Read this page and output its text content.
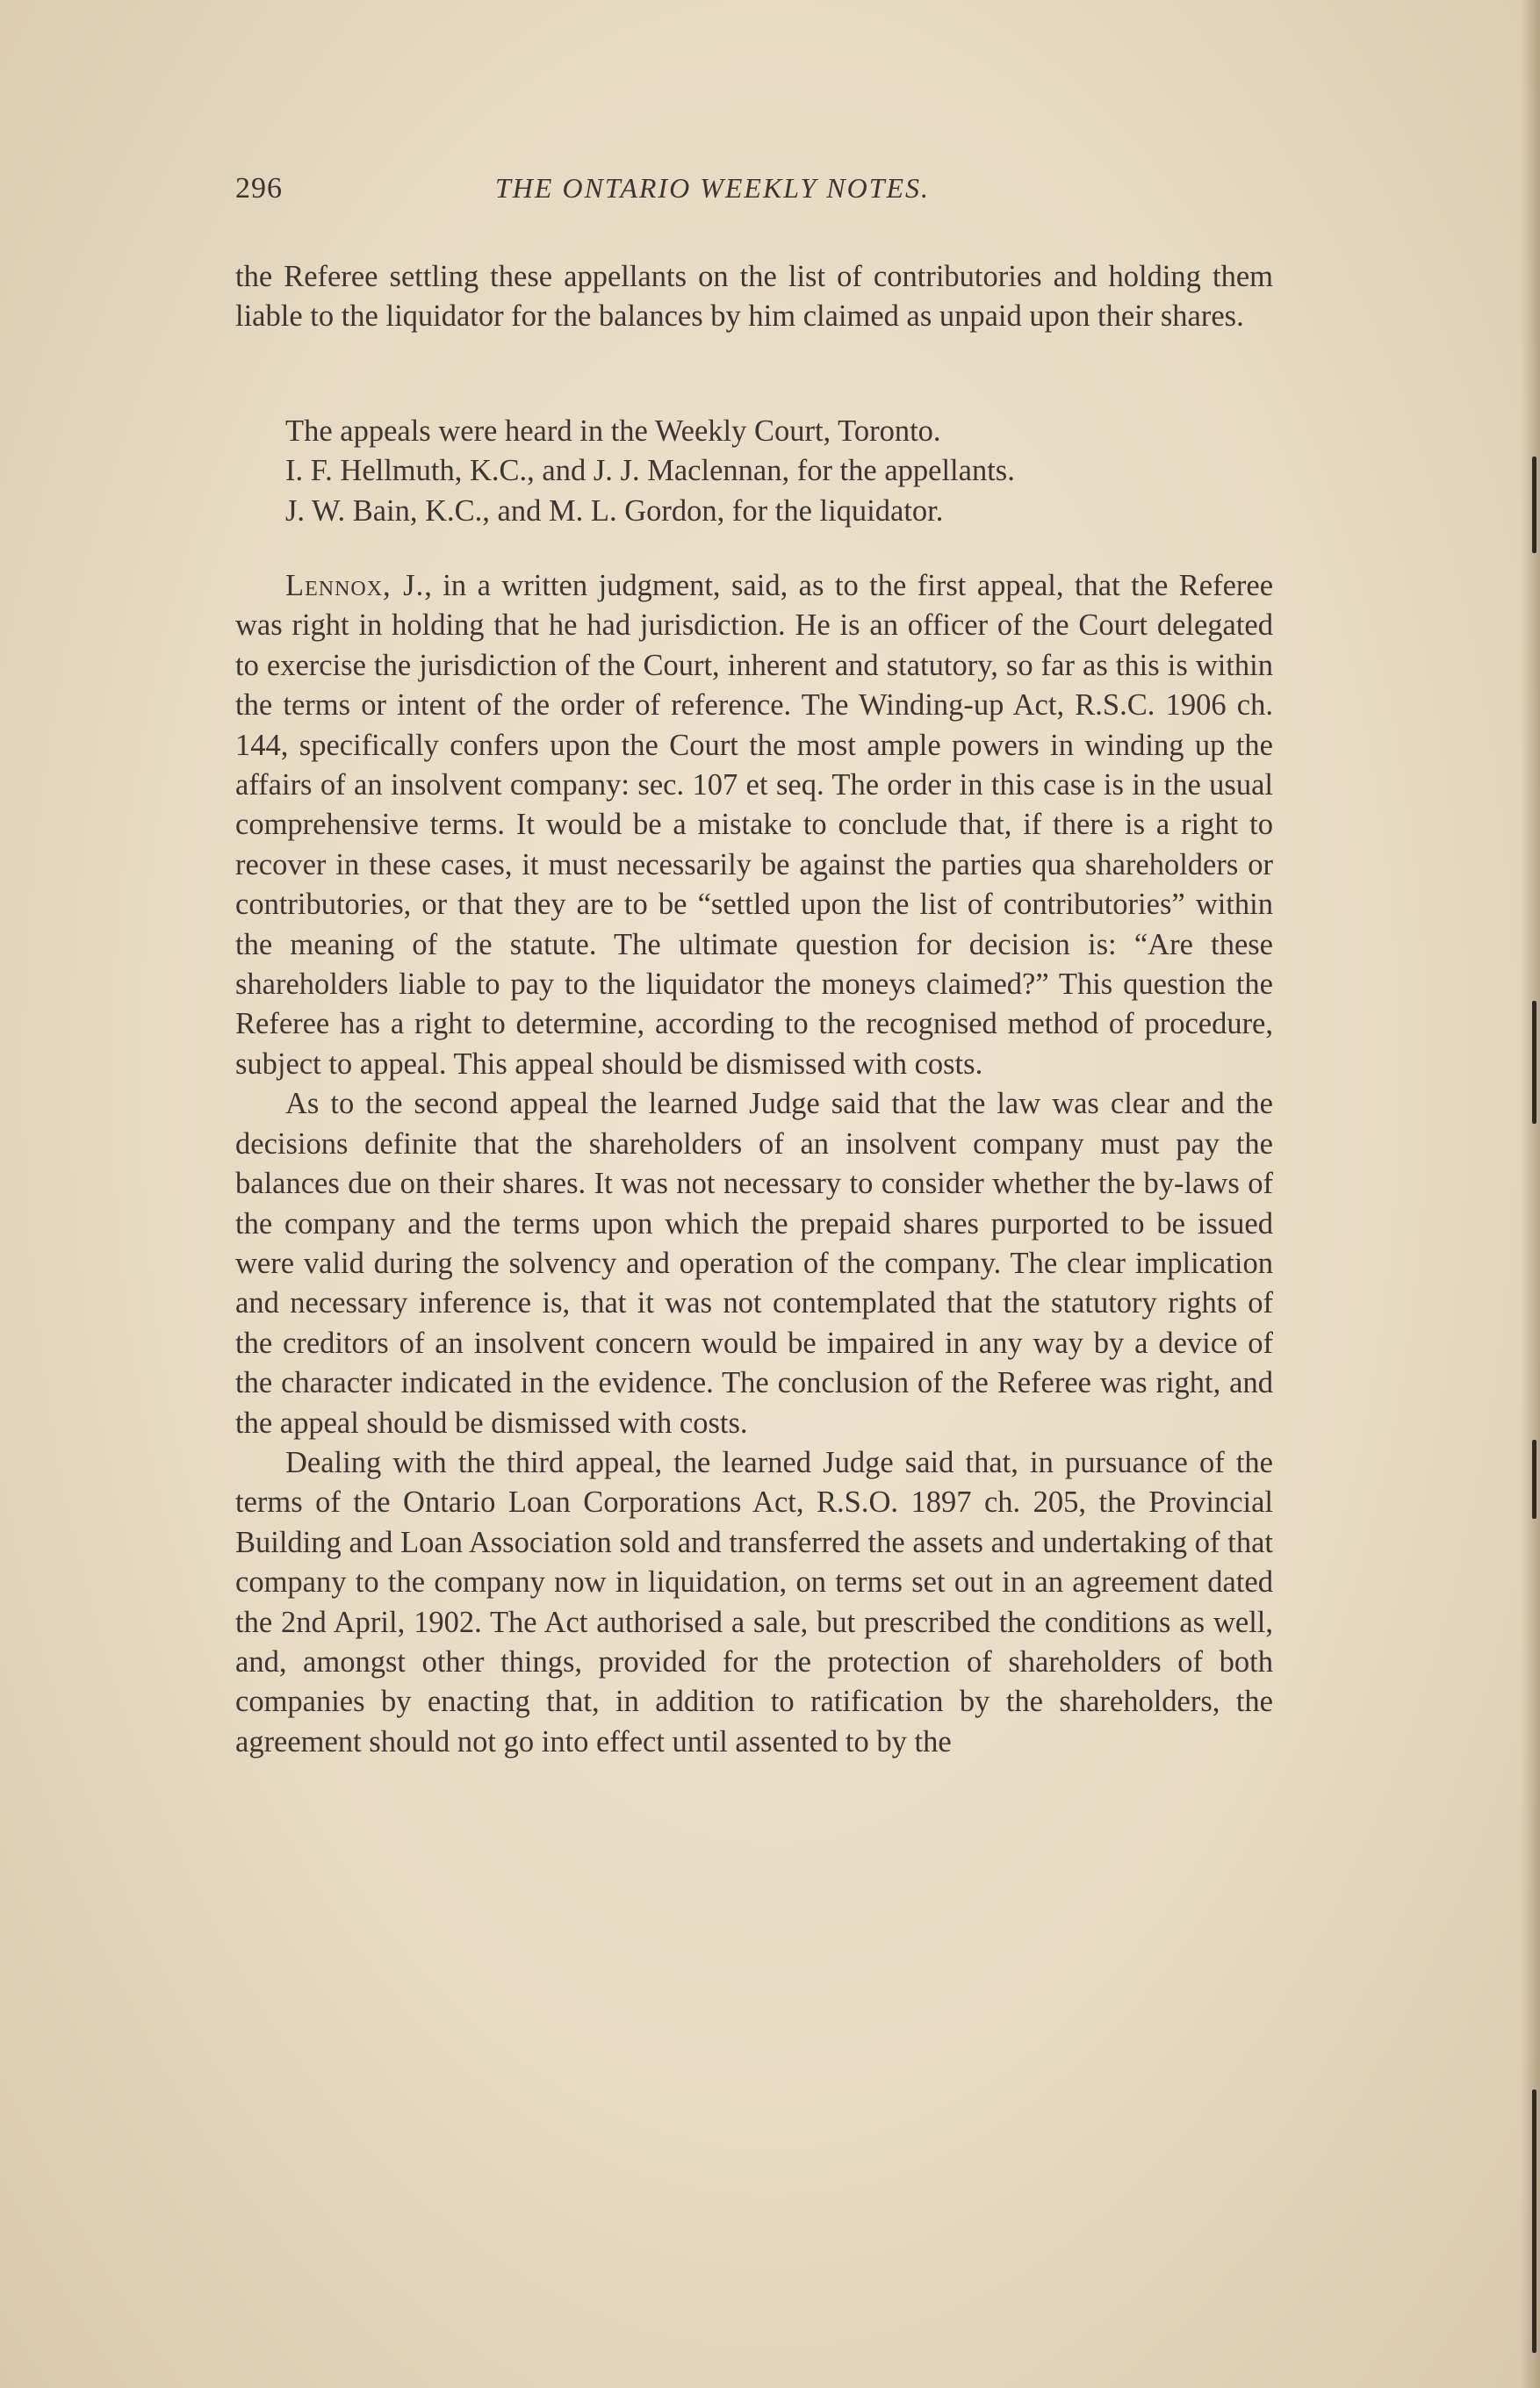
296	THE ONTARIO WEEKLY NOTES.

the Referee settling these appellants on the list of contributories and holding them liable to the liquidator for the balances by him claimed as unpaid upon their shares.

The appeals were heard in the Weekly Court, Toronto.

I. F. Hellmuth, K.C., and J. J. Maclennan, for the appellants.

J. W. Bain, K.C., and M. L. Gordon, for the liquidator.

Lennox, J., in a written judgment, said, as to the first appeal, that the Referee was right in holding that he had jurisdiction. He is an officer of the Court delegated to exercise the jurisdiction of the Court, inherent and statutory, so far as this is within the terms or intent of the order of reference. The Winding-up Act, R.S.C. 1906 ch. 144, specifically confers upon the Court the most ample powers in winding up the affairs of an insolvent company: sec. 107 et seq. The order in this case is in the usual comprehensive terms. It would be a mistake to conclude that, if there is a right to recover in these cases, it must necessarily be against the parties qua shareholders or contributories, or that they are to be “settled upon the list of contributories” within the meaning of the statute. The ultimate question for decision is: “Are these shareholders liable to pay to the liquidator the moneys claimed?” This question the Referee has a right to determine, according to the recognised method of procedure, subject to appeal. This appeal should be dismissed with costs.

As to the second appeal the learned Judge said that the law was clear and the decisions definite that the shareholders of an insolvent company must pay the balances due on their shares. It was not necessary to consider whether the by-laws of the company and the terms upon which the prepaid shares purported to be issued were valid during the solvency and operation of the company. The clear implication and necessary inference is, that it was not contemplated that the statutory rights of the creditors of an insolvent concern would be impaired in any way by a device of the character indicated in the evidence. The conclusion of the Referee was right, and the appeal should be dismissed with costs.

Dealing with the third appeal, the learned Judge said that, in pursuance of the terms of the Ontario Loan Corporations Act, R.S.O. 1897 ch. 205, the Provincial Building and Loan Association sold and transferred the assets and undertaking of that company to the company now in liquidation, on terms set out in an agreement dated the 2nd April, 1902. The Act authorised a sale, but prescribed the conditions as well, and, amongst other things, provided for the protection of shareholders of both companies by enacting that, in addition to ratification by the shareholders, the agreement should not go into effect until assented to by the
